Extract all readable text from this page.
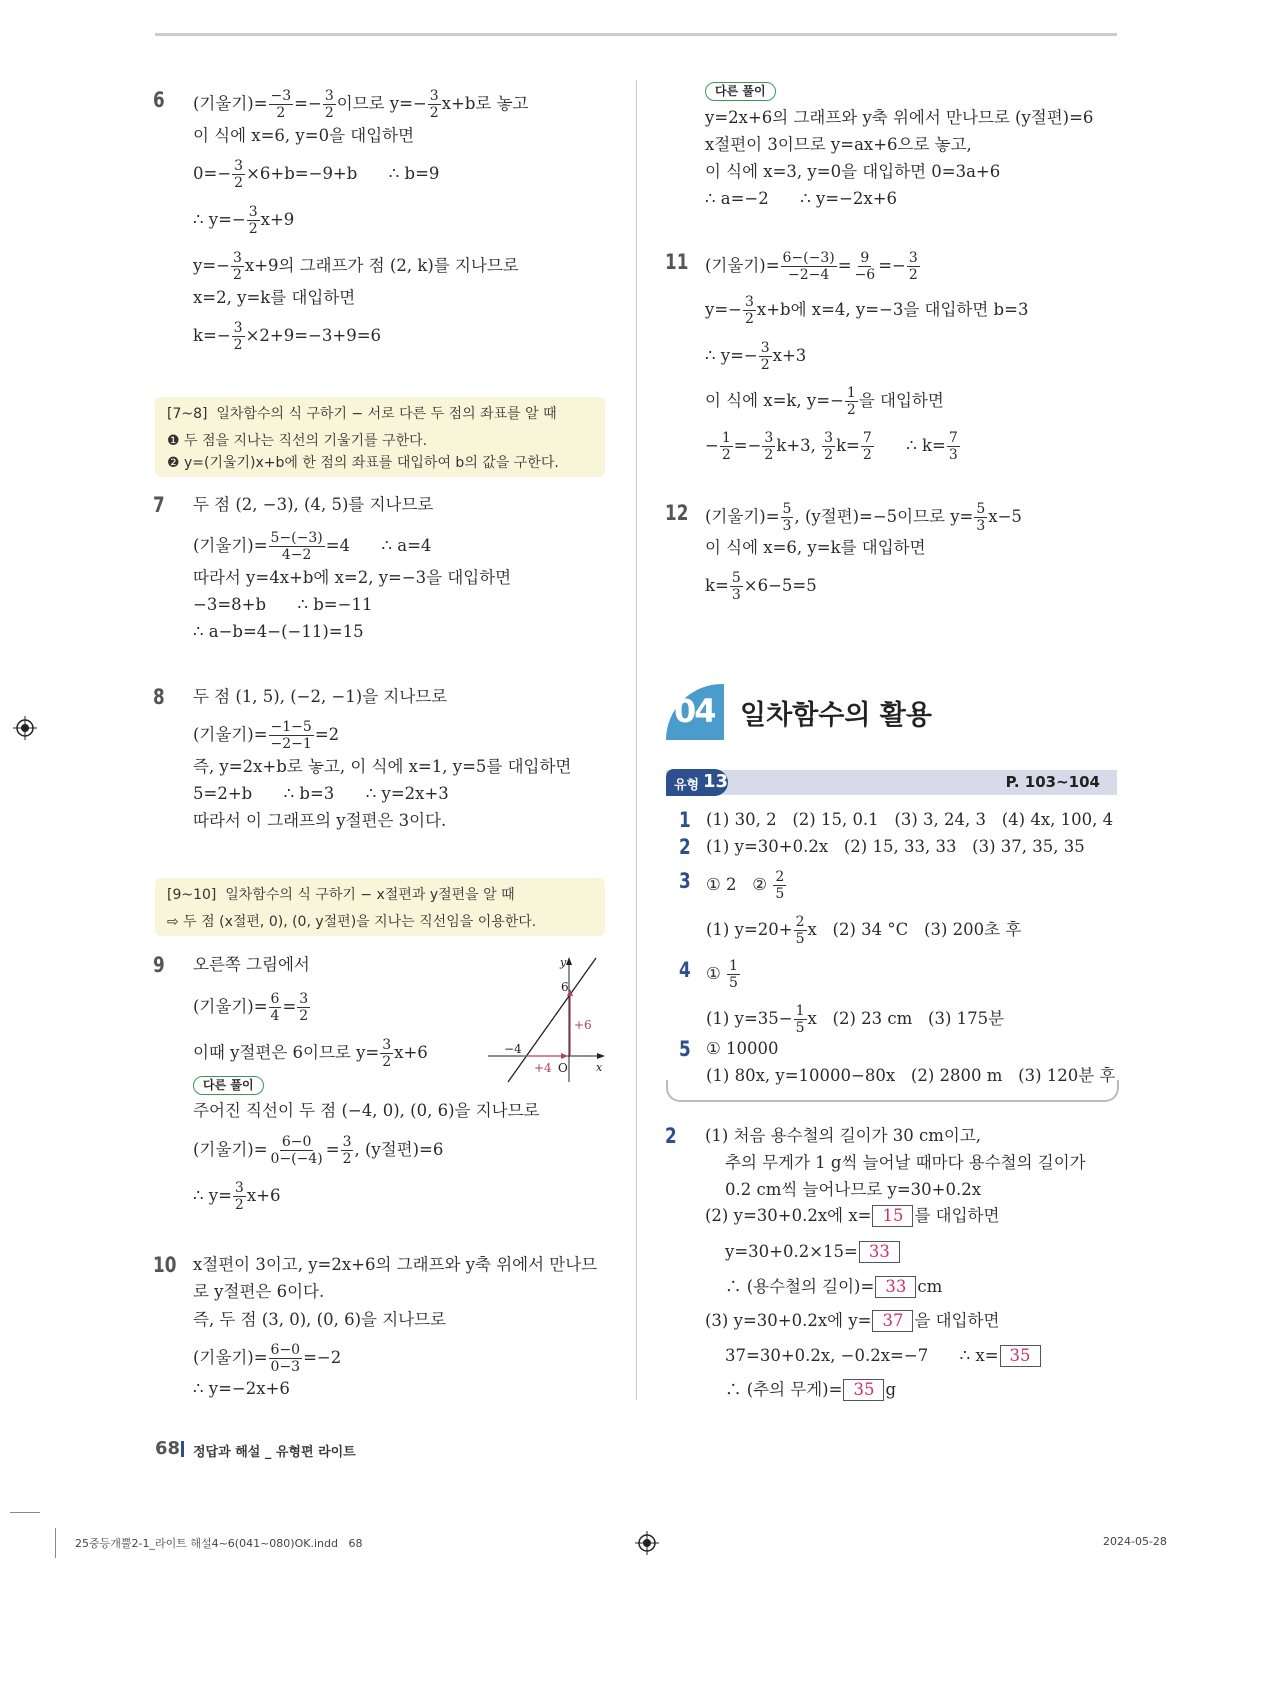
6 (기울기)= $\frac{-3}{2} =- \frac{3}{2}$ 이므로 $y=- \frac{3}{2} x+b$로 놓고
이 식에 x=6, y=0을 대입하면
$0=- \frac{3}{2} \times 6+b=-9+b$      ∴ b=9
∴ $y=- \frac{3}{2} x+9$
$y=- \frac{3}{2} x+9$의 그래프가 점 (2, k)를 지나므로
x=2, y=k를 대입하면
$k=- \frac{3}{2} \times 2+9=-3+9=6$
[7~8]  일차함수의 식 구하기 − 서로 다른 두 점의 좌표를 알 때
❶ 두 점을 지나는 직선의 기울기를 구한다.
❷ y=(기울기)x+b에 한 점의 좌표를 대입하여 b의 값을 구한다.
7 두 점 (2, −3), (4, 5)를 지나므로
(기울기)= $\frac{5-(-3)}{4-2} =4$      ∴ a=4
따라서 y=4x+b에 x=2, y=−3을 대입하면
−3=8+b      ∴ b=−11
∴ a−b=4−(−11)=15
8 두 점 (1, 5), (−2, −1)을 지나므로
(기울기)= $\frac{-1-5}{-2-1} =2$
즉, y=2x+b로 놓고, 이 식에 x=1, y=5를 대입하면
5=2+b      ∴ b=3      ∴ y=2x+3
따라서 이 그래프의 y절편은 3이다.
[9~10]  일차함수의 식 구하기 − x절편과 y절편을 알 때
⇨ 두 점 (x절편, 0), (0, y절편)을 지나는 직선임을 이용한다.
9 오른쪽 그림에서
(기울기)= $\frac{6}{4} = \frac{3}{2}$
이때 y절편은 6이므로 $y= \frac{3}{2} x+6$
다른 풀이
주어진 직선이 두 점 (−4, 0), (0, 6)을 지나므로
(기울기)= $\frac{6-0}{0-(-4)} = \frac{3}{2}$ , (y절편)=6
∴ $y= \frac{3}{2} x+6$
y
x
O
6
−4
+6
+4
10 x절편이 3이고, y=2x+6의 그래프와 y축 위에서 만나므
로 y절편은 6이다.
즉, 두 점 (3, 0), (0, 6)을 지나므로
(기울기)= $\frac{6-0}{0-3} =-2$
∴ y=−2x+6
다른 풀이
y=2x+6의 그래프와 y축 위에서 만나므로 (y절편)=6
x절편이 3이므로 y=ax+6으로 놓고,
이 식에 x=3, y=0을 대입하면 0=3a+6
∴ a=−2      ∴ y=−2x+6
11 (기울기)= $\frac{6-(-3)}{-2-4} = \frac{9}{-6} =- \frac{3}{2}$
$y=- \frac{3}{2} x+b$에 x=4, y=−3을 대입하면 b=3
∴ $y=- \frac{3}{2} x+3$
이 식에 x=k, $y=- \frac{1}{2}$ 을 대입하면
− $\frac{1}{2} =- \frac{3}{2} k+3$, $\frac{3}{2} k= \frac{7}{2}$ ∴ $k= \frac{7}{3}$
12 (기울기)= $\frac{5}{3}$ , (y절편)=−5이므로 $y= \frac{5}{3} x-5$
이 식에 x=6, y=k를 대입하면
$k= \frac{5}{3} \times 6-5=5$
04 일차함수의 활용
유형 13	P. 103~104
1 (1) 30, 2   (2) 15, 0.1   (3) 3, 24, 3   (4) 4x, 100, 4
2 (1) y=30+0.2x   (2) 15, 33, 33   (3) 37, 35, 35
3 ① 2   ② $\frac{2}{5}$
(1) $y=20+ \frac{2}{5}$ x   (2) 34 °C   (3) 200초 후
4 ① $\frac{1}{5}$
(1) $y=35- \frac{1}{5}$ x   (2) 23 cm   (3) 175분
5 ① 10000
(1) 80x, y=10000−80x   (2) 2800 m   (3) 120분 후
2 (1) 처음 용수철의 길이가 30 cm이고,
추의 무게가 1 g씩 늘어날 때마다 용수철의 길이가
0.2 cm씩 늘어나므로 y=30+0.2x
(2) y=30+0.2x에 x= 15 를 대입하면
y=30+0.2×15= 33
∴ (용수철의 길이)= 33 cm
(3) y=30+0.2x에 y= 37 을 대입하면
37=30+0.2x, −0.2x=−7      ∴ x= 35
∴ (추의 무게)= 35 g
68 정답과 해설 _ 유형편 라이트
25중등개뿔2-1_라이트 해설4~6(041~080)OK.indd   68	2024-05-28
